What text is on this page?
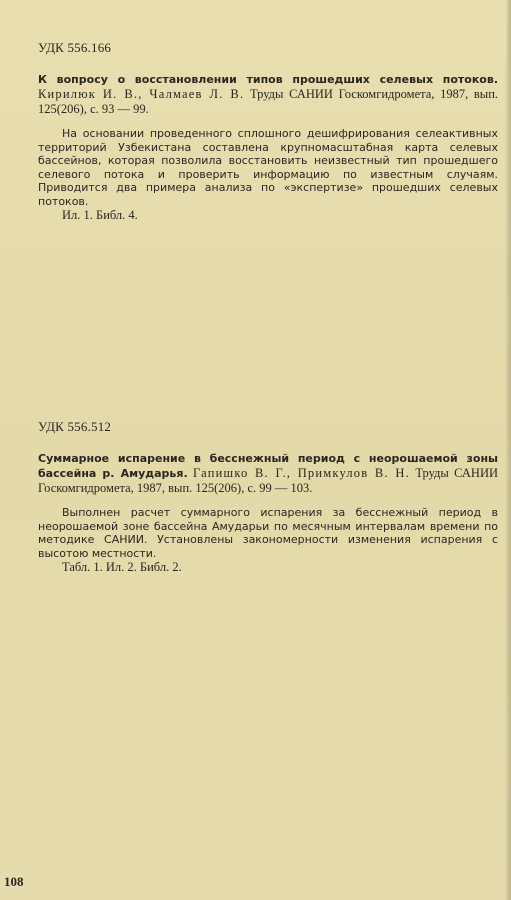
УДК 556.166
К вопросу о восстановлении типов прошедших селевых потоков. Кирилюк И. В., Чалмаев Л. В. Труды САНИИ Госкомгидромета, 1987, вып. 125(206), с. 93 — 99.
На основании проведенного сплошного дешифрирования селеактивных территорий Узбекистана составлена крупномасштабная карта селевых бассейнов, которая позволила восстановить неизвестный тип прошедшего селевого потока и проверить информацию по известным случаям. Приводится два примера анализа по «экспертизе» прошедших селевых потоков.
Ил. 1. Библ. 4.
УДК 556.512
Суммарное испарение в бесснежный период с неорошаемой зоны бассейна р. Амударья. Гапишко В. Г., Примкулов В. Н. Труды САНИИ Госкомгидромета, 1987, вып. 125(206), с. 99 — 103.
Выполнен расчет суммарного испарения за бесснежный период в неорошаемой зоне бассейна Амударьи по месячным интервалам времени по методике САНИИ. Установлены закономерности изменения испарения с высотою местности.
Табл. 1. Ил. 2. Библ. 2.
108
